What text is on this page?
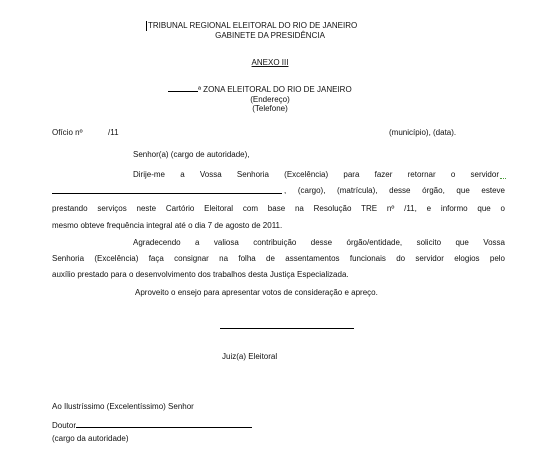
TRIBUNAL REGIONAL ELEITORAL DO RIO DE JANEIRO
GABINETE DA PRESIDÊNCIA
ANEXO III
ª ZONA ELEITORAL DO RIO DE JANEIRO
(Endereço)
(Telefone)
Ofício nº	/11	(município), (data).
Senhor(a) (cargo de autoridade),
Dirije-me a Vossa Senhoria (Excelência) para fazer retornar o servidor
, (cargo), (matrícula), desse órgão, que esteve
prestando serviços neste Cartório Eleitoral com base na Resolução TRE nº /11, e informo que o
mesmo obteve frequência integral até o dia 7 de agosto de 2011.
Agradecendo a valiosa contribuição desse órgão/entidade, solicito que Vossa
Senhoria (Excelência) faça consignar na folha de assentamentos funcionais do servidor elogios pelo
auxílio prestado para o desenvolvimento dos trabalhos desta Justiça Especializada.
Aproveito o ensejo para apresentar votos de consideração e apreço.
Juiz(a) Eleitoral
Ao Ilustríssimo (Excelentíssimo) Senhor
Doutor
(cargo da autoridade)
